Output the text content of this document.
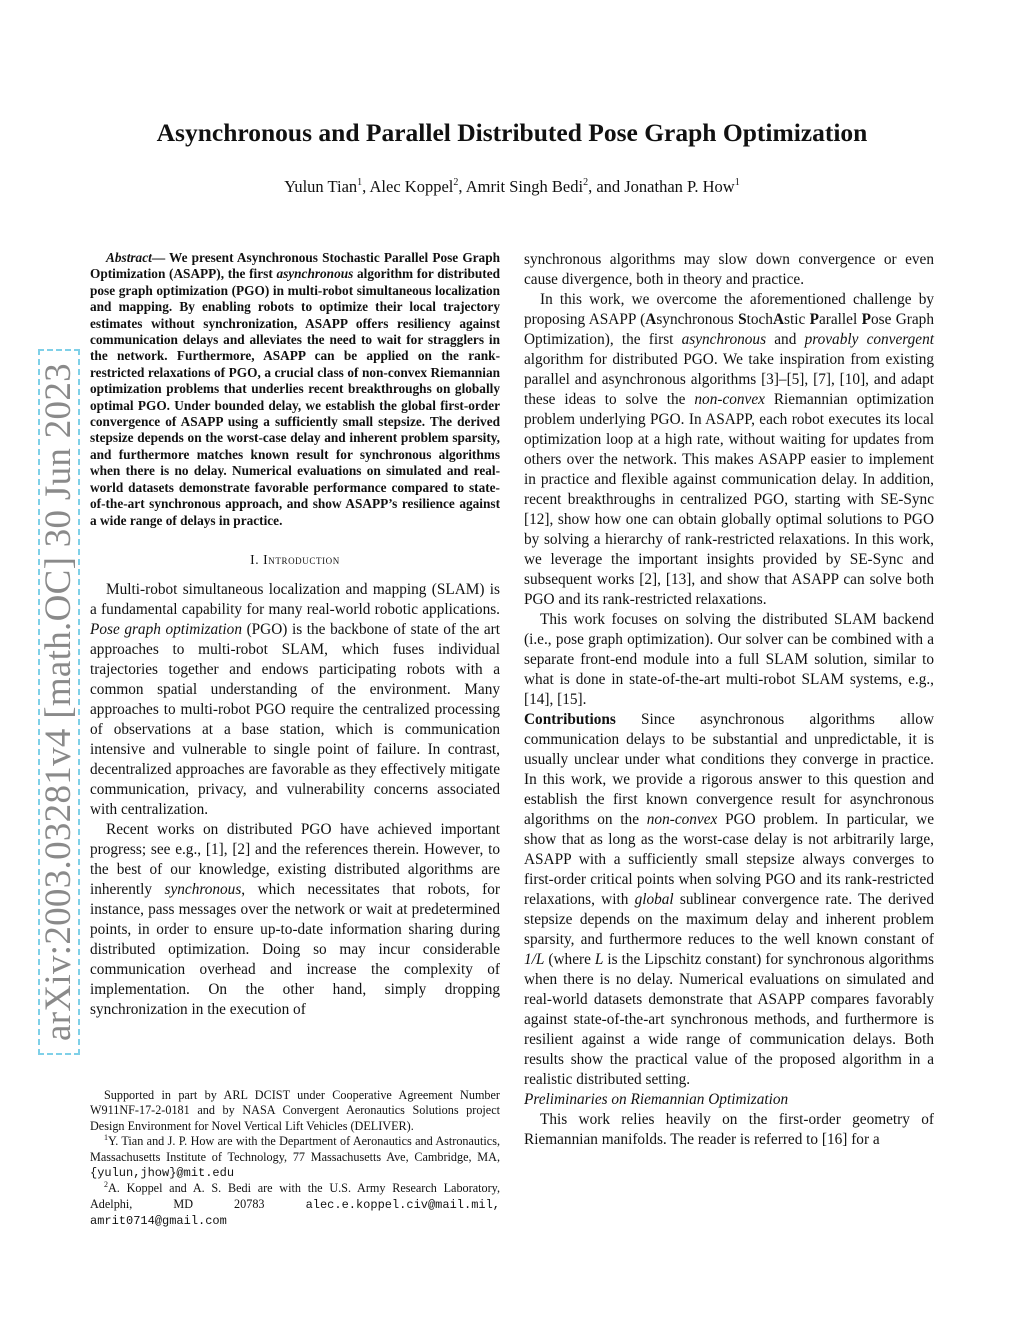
arXiv:2003.03281v4 [math.OC] 30 Jun 2023
Asynchronous and Parallel Distributed Pose Graph Optimization
Yulun Tian$^1$, Alec Koppel$^2$, Amrit Singh Bedi$^2$, and Jonathan P. How$^1$

Abstract— We present Asynchronous Stochastic Parallel Pose Graph Optimization (ASAPP), the first asynchronous algorithm for distributed pose graph optimization (PGO) in multi-robot simultaneous localization and mapping. By enabling robots to optimize their local trajectory estimates without synchronization, ASAPP offers resiliency against communication delays and alleviates the need to wait for stragglers in the network. Furthermore, ASAPP can be applied on the rank-restricted relaxations of PGO, a crucial class of non-convex Riemannian optimization problems that underlies recent breakthroughs on globally optimal PGO. Under bounded delay, we establish the global first-order convergence of ASAPP using a sufficiently small stepsize. The derived stepsize depends on the worst-case delay and inherent problem sparsity, and furthermore matches known result for synchronous algorithms when there is no delay. Numerical evaluations on simulated and real-world datasets demonstrate favorable performance compared to state-of-the-art synchronous approach, and show ASAPP’s resilience against a wide range of delays in practice.

I. Introduction

Multi-robot simultaneous localization and mapping (SLAM) is a fundamental capability for many real-world robotic applications. Pose graph optimization (PGO) is the backbone of state of the art approaches to multi-robot SLAM, which fuses individual trajectories together and endows participating robots with a common spatial understanding of the environment. Many approaches to multi-robot PGO require the centralized processing of observations at a base station, which is communication intensive and vulnerable to single point of failure. In contrast, decentralized approaches are favorable as they effectively mitigate communication, privacy, and vulnerability concerns associated with centralization.

Recent works on distributed PGO have achieved important progress; see e.g., [1], [2] and the references therein. However, to the best of our knowledge, existing distributed algorithms are inherently synchronous, which necessitates that robots, for instance, pass messages over the network or wait at predetermined points, in order to ensure up-to-date information sharing during distributed optimization. Doing so may incur considerable communication overhead and increase the complexity of implementation. On the other hand, simply dropping synchronization in the execution of

Supported in part by ARL DCIST under Cooperative Agreement Number W911NF-17-2-0181 and by NASA Convergent Aeronautics Solutions project Design Environment for Novel Vertical Lift Vehicles (DELIVER).

$^1$Y. Tian and J. P. How are with the Department of Aeronautics and Astronautics, Massachusetts Institute of Technology, 77 Massachusetts Ave, Cambridge, MA, {yulun,jhow}@mit.edu

$^2$A. Koppel and A. S. Bedi are with the U.S. Army Research Laboratory, Adelphi, MD 20783 alec.e.koppel.civ@mail.mil, amrit0714@gmail.com

synchronous algorithms may slow down convergence or even cause divergence, both in theory and practice.

In this work, we overcome the aforementioned challenge by proposing ASAPP (Asynchronous StochAstic Parallel Pose Graph Optimization), the first asynchronous and provably convergent algorithm for distributed PGO. We take inspiration from existing parallel and asynchronous algorithms [3]–[5], [7], [10], and adapt these ideas to solve the non-convex Riemannian optimization problem underlying PGO. In ASAPP, each robot executes its local optimization loop at a high rate, without waiting for updates from others over the network. This makes ASAPP easier to implement in practice and flexible against communication delay. In addition, recent breakthroughs in centralized PGO, starting with SE-Sync [12], show how one can obtain globally optimal solutions to PGO by solving a hierarchy of rank-restricted relaxations. In this work, we leverage the important insights provided by SE-Sync and subsequent works [2], [13], and show that ASAPP can solve both PGO and its rank-restricted relaxations.

This work focuses on solving the distributed SLAM backend (i.e., pose graph optimization). Our solver can be combined with a separate front-end module into a full SLAM solution, similar to what is done in state-of-the-art multi-robot SLAM systems, e.g., [14], [15].

Contributions Since asynchronous algorithms allow communication delays to be substantial and unpredictable, it is usually unclear under what conditions they converge in practice. In this work, we provide a rigorous answer to this question and establish the first known convergence result for asynchronous algorithms on the non-convex PGO problem. In particular, we show that as long as the worst-case delay is not arbitrarily large, ASAPP with a sufficiently small stepsize always converges to first-order critical points when solving PGO and its rank-restricted relaxations, with global sublinear convergence rate. The derived stepsize depends on the maximum delay and inherent problem sparsity, and furthermore reduces to the well known constant of 1/L (where L is the Lipschitz constant) for synchronous algorithms when there is no delay. Numerical evaluations on simulated and real-world datasets demonstrate that ASAPP compares favorably against state-of-the-art synchronous methods, and furthermore is resilient against a wide range of communication delays. Both results show the practical value of the proposed algorithm in a realistic distributed setting.

Preliminaries on Riemannian Optimization

This work relies heavily on the first-order geometry of Riemannian manifolds. The reader is referred to [16] for a
